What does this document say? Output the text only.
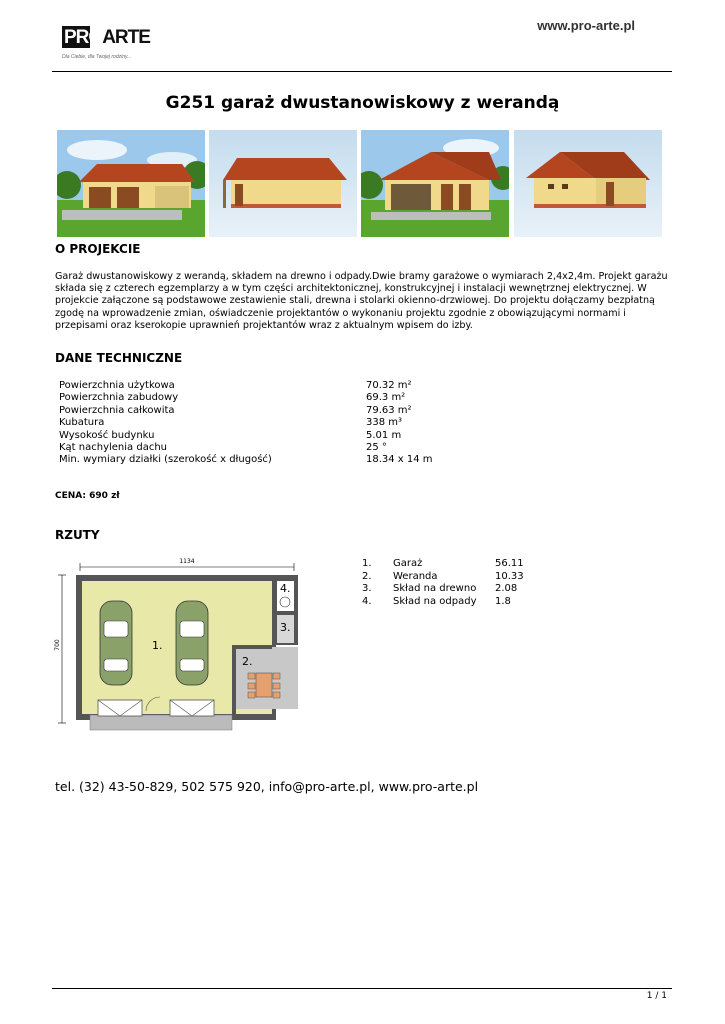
PROARTE
Dla Ciebie, dla Twojej rodziny...
www.pro-arte.pl
G251 garaż dwustanowiskowy z werandą
O PROJEKCIE
Garaż dwustanowiskowy z werandą, składem na drewno i odpady.Dwie bramy garażowe o wymiarach 2,4x2,4m. Projekt garażu składa się z czterech egzemplarzy a w tym części architektonicznej, konstrukcyjnej i instalacji wewnętrznej elektrycznej. W projekcie załączone są podstawowe zestawienie stali, drewna i stolarki okienno-drzwiowej. Do projektu dołączamy bezpłatną zgodę na wprowadzenie zmian, oświadczenie projektantów o wykonaniu projektu zgodnie z obowiązującymi normami i przepisami oraz kserokopie uprawnień projektantów wraz z aktualnym wpisem do izby.
DANE TECHNICZNE
Powierzchnia użytkowa	70.32 m²
Powierzchnia zabudowy	69.3 m²
Powierzchnia całkowita	79.63 m²
Kubatura	338 m³
Wysokość budynku	5.01 m
Kąt nachylenia dachu	25 °
Min. wymiary działki (szerokość x długość)	18.34 x 14 m
CENA: 690 zł
RZUTY
1134
700	1.
2.
3.
4.
1. Garaż	56.11
2. Weranda	10.33
3. Skład na drewno 2.08
4. Skład na odpady 1.8
tel. (32) 43-50-829, 502 575 920, info@pro-arte.pl, www.pro-arte.pl
1 / 1
